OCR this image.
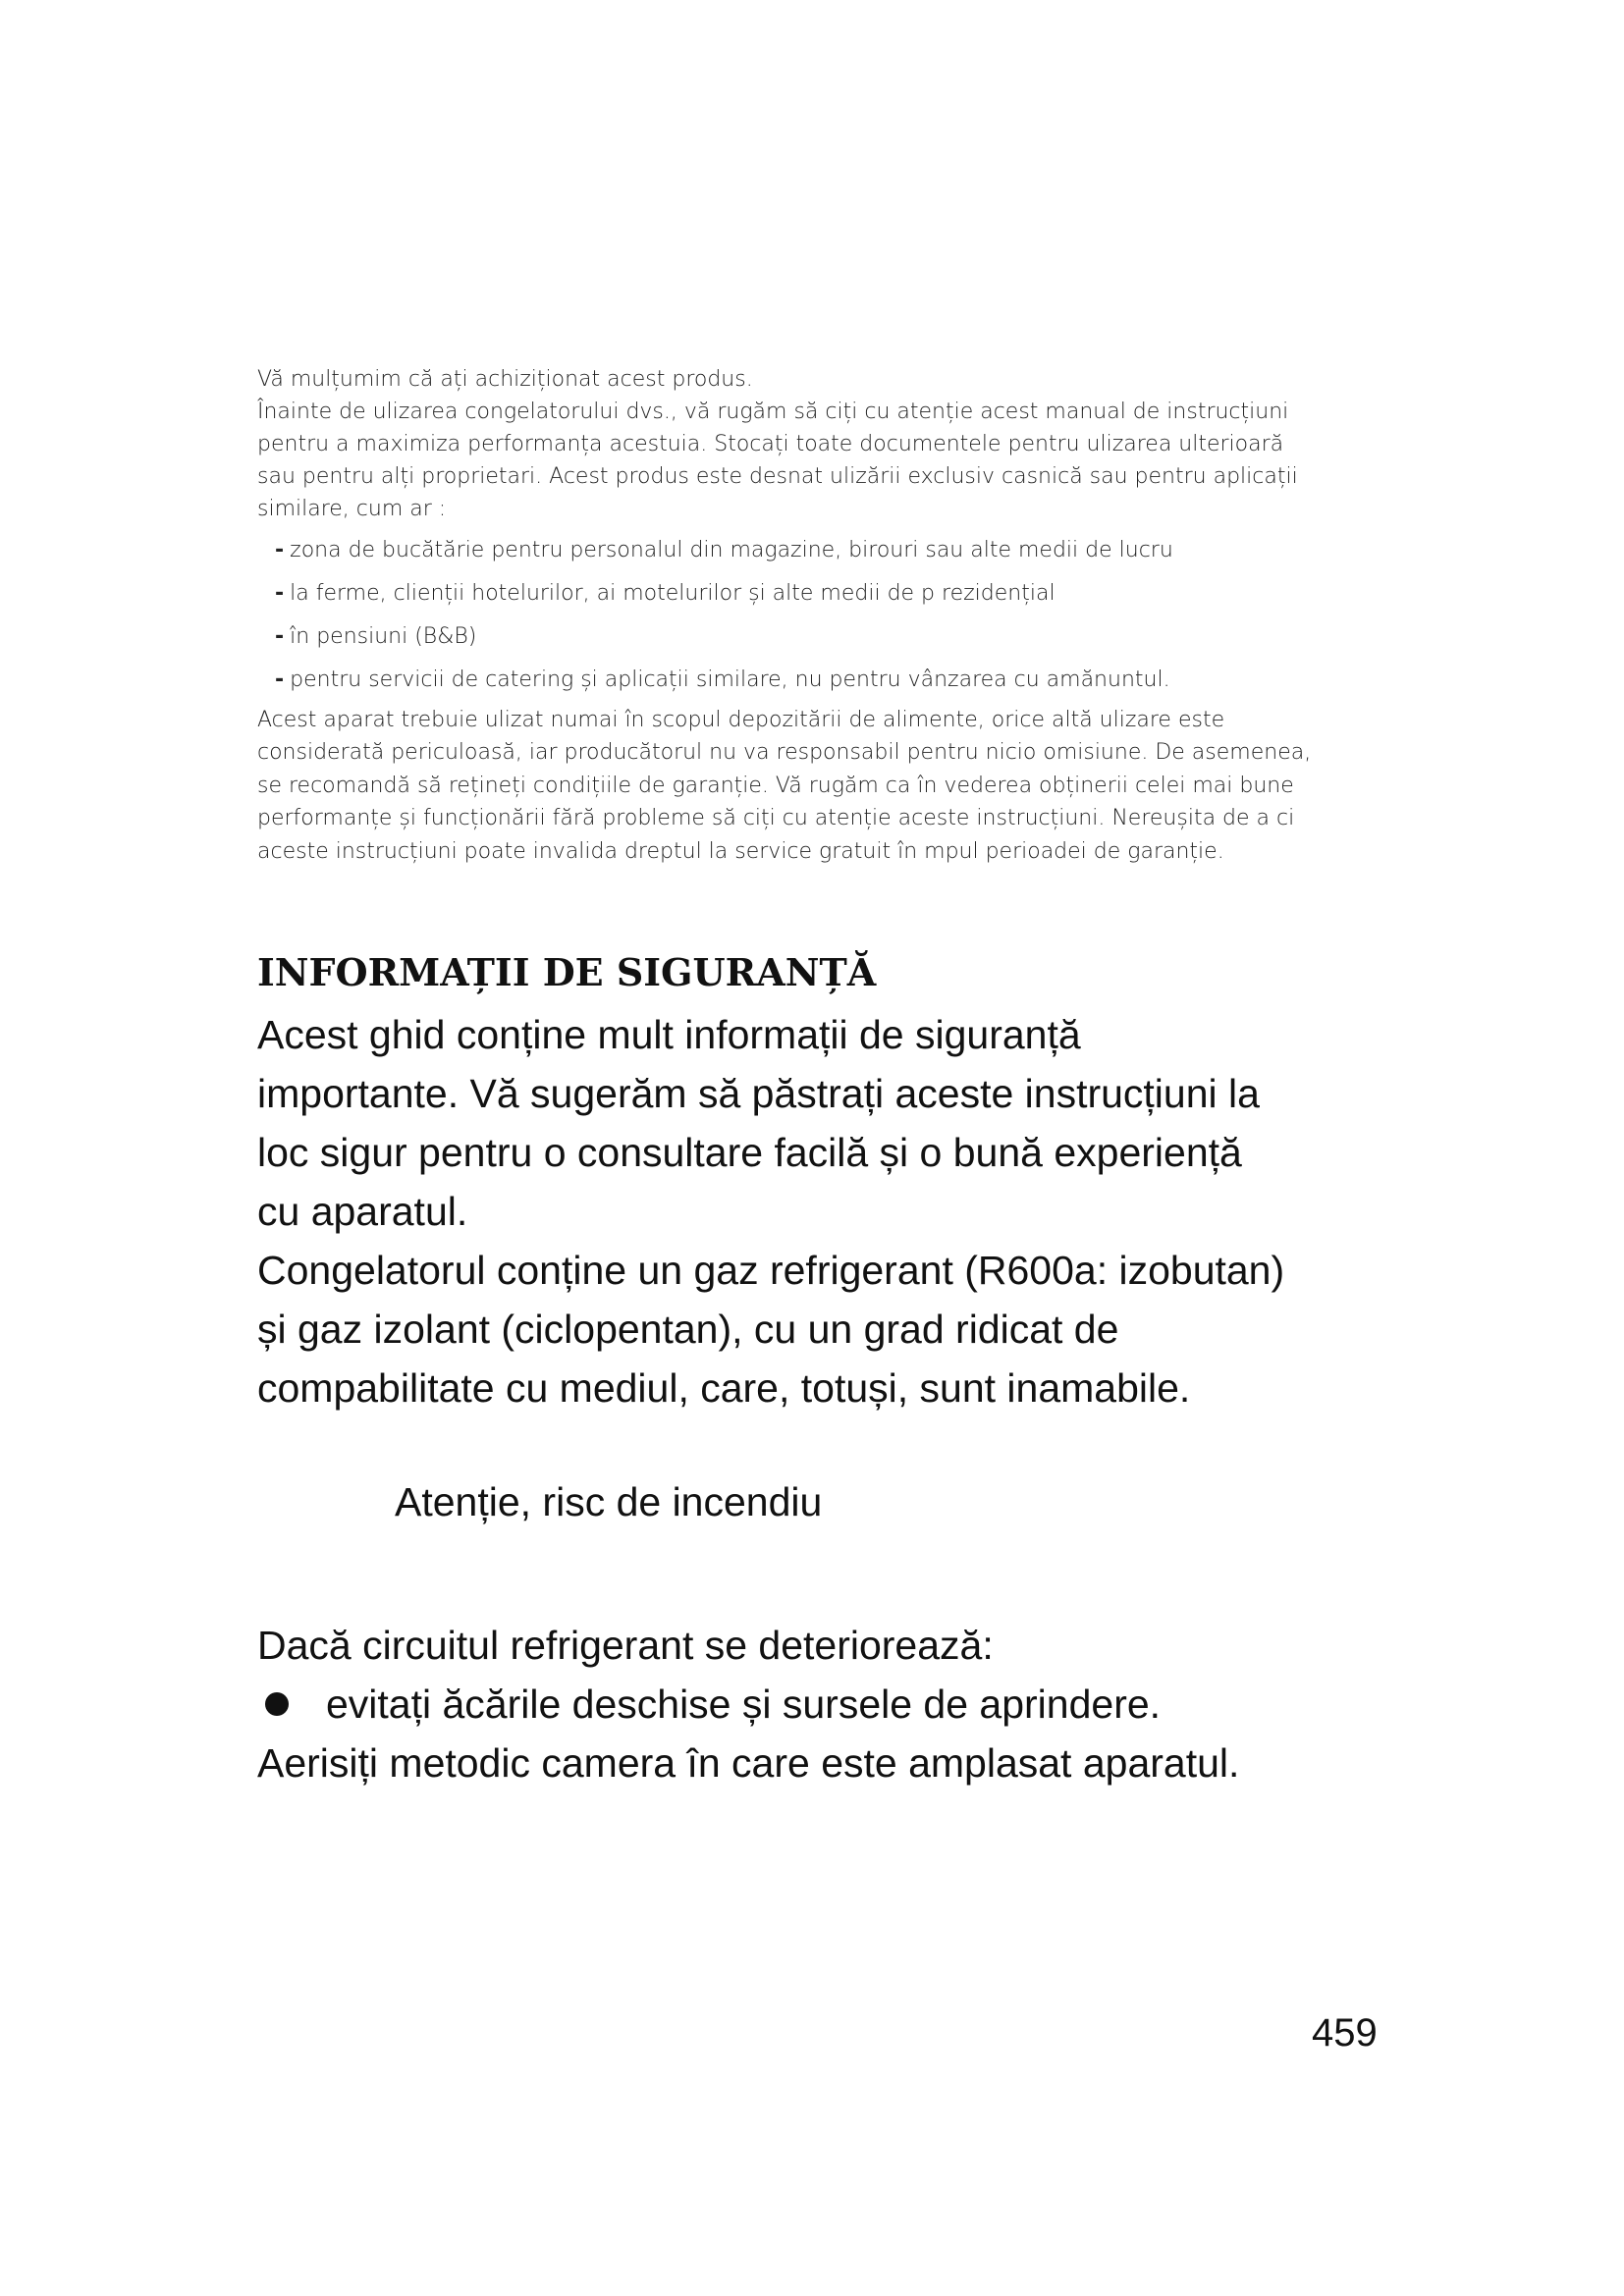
Vă mulțumim că ați achiziționat acest produs.

Înainte de ulizarea congelatorului dvs., vă rugăm să ciți cu atenție acest manual de instrucțiuni

pentru a maximiza performanța acestuia. Stocați toate documentele pentru ulizarea ulterioară

sau pentru alți proprietari. Acest produs este desnat ulizării exclusiv casnică sau pentru aplicații

similare, cum ar :

- zona de bucătărie pentru personalul din magazine, birouri sau alte medii de lucru
- la ferme, clienții hotelurilor, ai motelurilor și alte medii de p rezidențial
- în pensiuni (B&B)
- pentru servicii de catering și aplicații similare, nu pentru vânzarea cu amănuntul.

Acest aparat trebuie ulizat numai în scopul depozitării de alimente, orice altă ulizare este

considerată periculoasă, iar producătorul nu va responsabil pentru nicio omisiune. De asemenea,

se recomandă să rețineți condițiile de garanție. Vă rugăm ca în vederea obținerii celei mai bune

performanțe și funcționării fără probleme să ciți cu atenție aceste instrucțiuni. Nereușita de a ci

aceste instrucțiuni poate invalida dreptul la service gratuit în mpul perioadei de garanție.

INFORMAȚII DE SIGURANȚĂ

Acest ghid conține mult informații de siguranță

importante. Vă sugerăm să păstrați aceste instrucțiuni la

loc sigur pentru o consultare facilă și o bună experiență

cu aparatul.

Congelatorul conține un gaz refrigerant (R600a: izobutan)

și gaz izolant (ciclopentan), cu un grad ridicat de

compabilitate cu mediul, care, totuși, sunt inamabile.

Atenție, risc de incendiu

Dacă circuitul refrigerant se deteriorează:

evitați ăcările deschise și sursele de aprindere.

Aerisiți metodic camera în care este amplasat aparatul.

459
